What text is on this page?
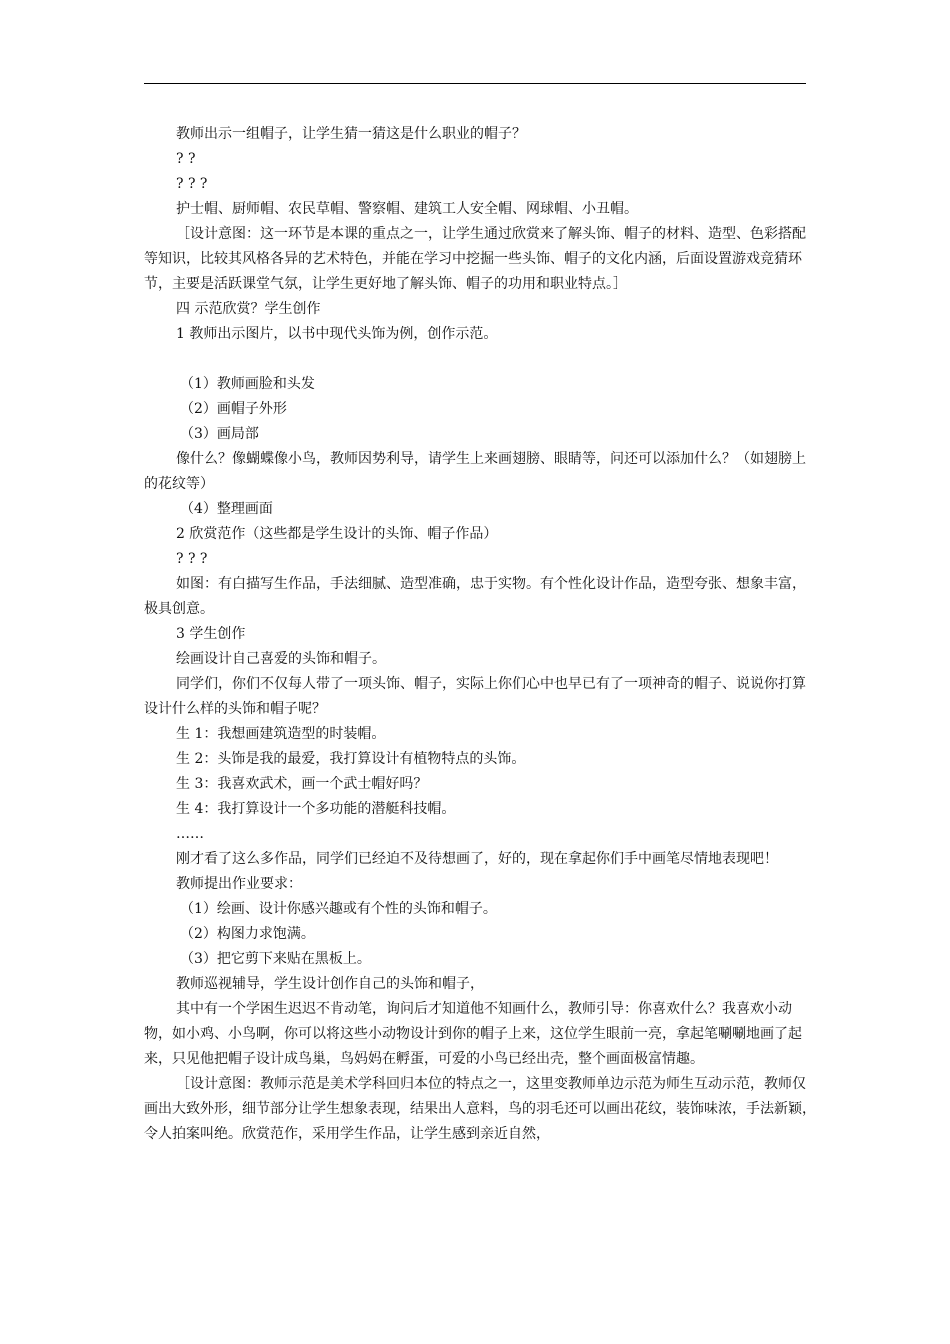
教师出示一组帽子，让学生猜一猜这是什么职业的帽子？

? ?

? ? ?

护士帽、厨师帽、农民草帽、警察帽、建筑工人安全帽、网球帽、小丑帽。

［设计意图：这一环节是本课的重点之一，让学生通过欣赏来了解头饰、帽子的材料、造型、色彩搭配等知识，比较其风格各异的艺术特色，并能在学习中挖掘一些头饰、帽子的文化内涵，后面设置游戏竞猜环节，主要是活跃课堂气氛，让学生更好地了解头饰、帽子的功用和职业特点。］

四 示范欣赏？学生创作

1 教师出示图片，以书中现代头饰为例，创作示范。

（1）教师画脸和头发

（2）画帽子外形

（3）画局部

像什么？像蝴蝶像小鸟，教师因势利导，请学生上来画翅膀、眼睛等，问还可以添加什么？（如翅膀上的花纹等）

（4）整理画面

2 欣赏范作（这些都是学生设计的头饰、帽子作品）

? ? ?

如图：有白描写生作品，手法细腻、造型准确，忠于实物。有个性化设计作品，造型夸张、想象丰富，极具创意。

3 学生创作

绘画设计自己喜爱的头饰和帽子。

同学们，你们不仅每人带了一项头饰、帽子，实际上你们心中也早已有了一项神奇的帽子、说说你打算设计什么样的头饰和帽子呢？

生 1：我想画建筑造型的时装帽。

生 2：头饰是我的最爱，我打算设计有植物特点的头饰。

生 3：我喜欢武术，画一个武士帽好吗？

生 4：我打算设计一个多功能的潜艇科技帽。

……

刚才看了这么多作品，同学们已经迫不及待想画了，好的，现在拿起你们手中画笔尽情地表现吧！

教师提出作业要求：

（1）绘画、设计你感兴趣或有个性的头饰和帽子。

（2）构图力求饱满。

（3）把它剪下来贴在黑板上。

教师巡视辅导，学生设计创作自己的头饰和帽子，

其中有一个学困生迟迟不肯动笔，询问后才知道他不知画什么，教师引导：你喜欢什么？我喜欢小动物，如小鸡、小鸟啊，你可以将这些小动物设计到你的帽子上来，这位学生眼前一亮，拿起笔唰唰地画了起来，只见他把帽子设计成鸟巢，鸟妈妈在孵蛋，可爱的小鸟已经出壳，整个画面极富情趣。

［设计意图：教师示范是美术学科回归本位的特点之一，这里变教师单边示范为师生互动示范，教师仅画出大致外形，细节部分让学生想象表现，结果出人意料，鸟的羽毛还可以画出花纹，装饰味浓，手法新颖，令人拍案叫绝。欣赏范作，采用学生作品，让学生感到亲近自然，
